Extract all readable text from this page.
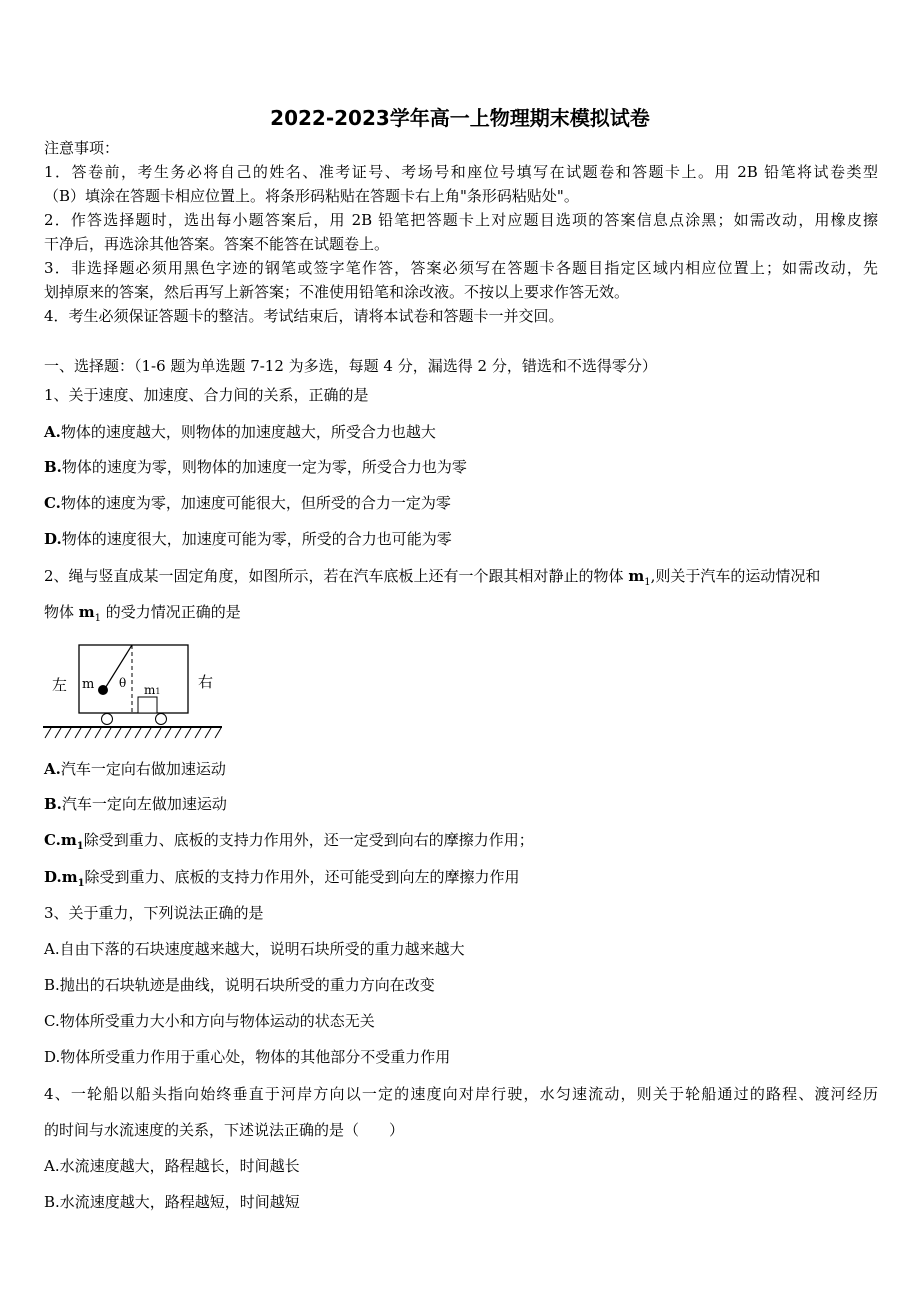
2022-2023学年高一上物理期末模拟试卷
注意事项：
1．答卷前，考生务必将自己的姓名、准考证号、考场号和座位号填写在试题卷和答题卡上。用 2B 铅笔将试卷类型
（B）填涂在答题卡相应位置上。将条形码粘贴在答题卡右上角"条形码粘贴处"。
2．作答选择题时，选出每小题答案后，用 2B 铅笔把答题卡上对应题目选项的答案信息点涂黑；如需改动，用橡皮擦
干净后，再选涂其他答案。答案不能答在试题卷上。
3．非选择题必须用黑色字迹的钢笔或签字笔作答，答案必须写在答题卡各题目指定区域内相应位置上；如需改动，先
划掉原来的答案，然后再写上新答案；不准使用铅笔和涂改液。不按以上要求作答无效。
4．考生必须保证答题卡的整洁。考试结束后，请将本试卷和答题卡一并交回。
一、选择题：（1-6 题为单选题 7-12 为多选，每题 4 分，漏选得 2 分，错选和不选得零分）
1、关于速度、加速度、合力间的关系，正确的是
A.物体的速度越大，则物体的加速度越大，所受合力也越大
B.物体的速度为零，则物体的加速度一定为零，所受合力也为零
C.物体的速度为零，加速度可能很大，但所受的合力一定为零
D.物体的速度很大，加速度可能为零，所受的合力也可能为零
2、绳与竖直成某一固定角度，如图所示，若在汽车底板上还有一个跟其相对静止的物体 $m_1$,则关于汽车的运动情况和
物体 $m_1$ 的受力情况正确的是
左	右
m θ m1
A.汽车一定向右做加速运动
B.汽车一定向左做加速运动
$C.m_1$除受到重力、底板的支持力作用外，还一定受到向右的摩擦力作用；
$D.m_1$除受到重力、底板的支持力作用外，还可能受到向左的摩擦力作用
3、关于重力，下列说法正确的是
A.自由下落的石块速度越来越大，说明石块所受的重力越来越大
B.抛出的石块轨迹是曲线，说明石块所受的重力方向在改变
C.物体所受重力大小和方向与物体运动的状态无关
D.物体所受重力作用于重心处，物体的其他部分不受重力作用
4、一轮船以船头指向始终垂直于河岸方向以一定的速度向对岸行驶，水匀速流动，则关于轮船通过的路程、渡河经历
的时间与水流速度的关系，下述说法正确的是（　　）
A.水流速度越大，路程越长，时间越长
B.水流速度越大，路程越短，时间越短
